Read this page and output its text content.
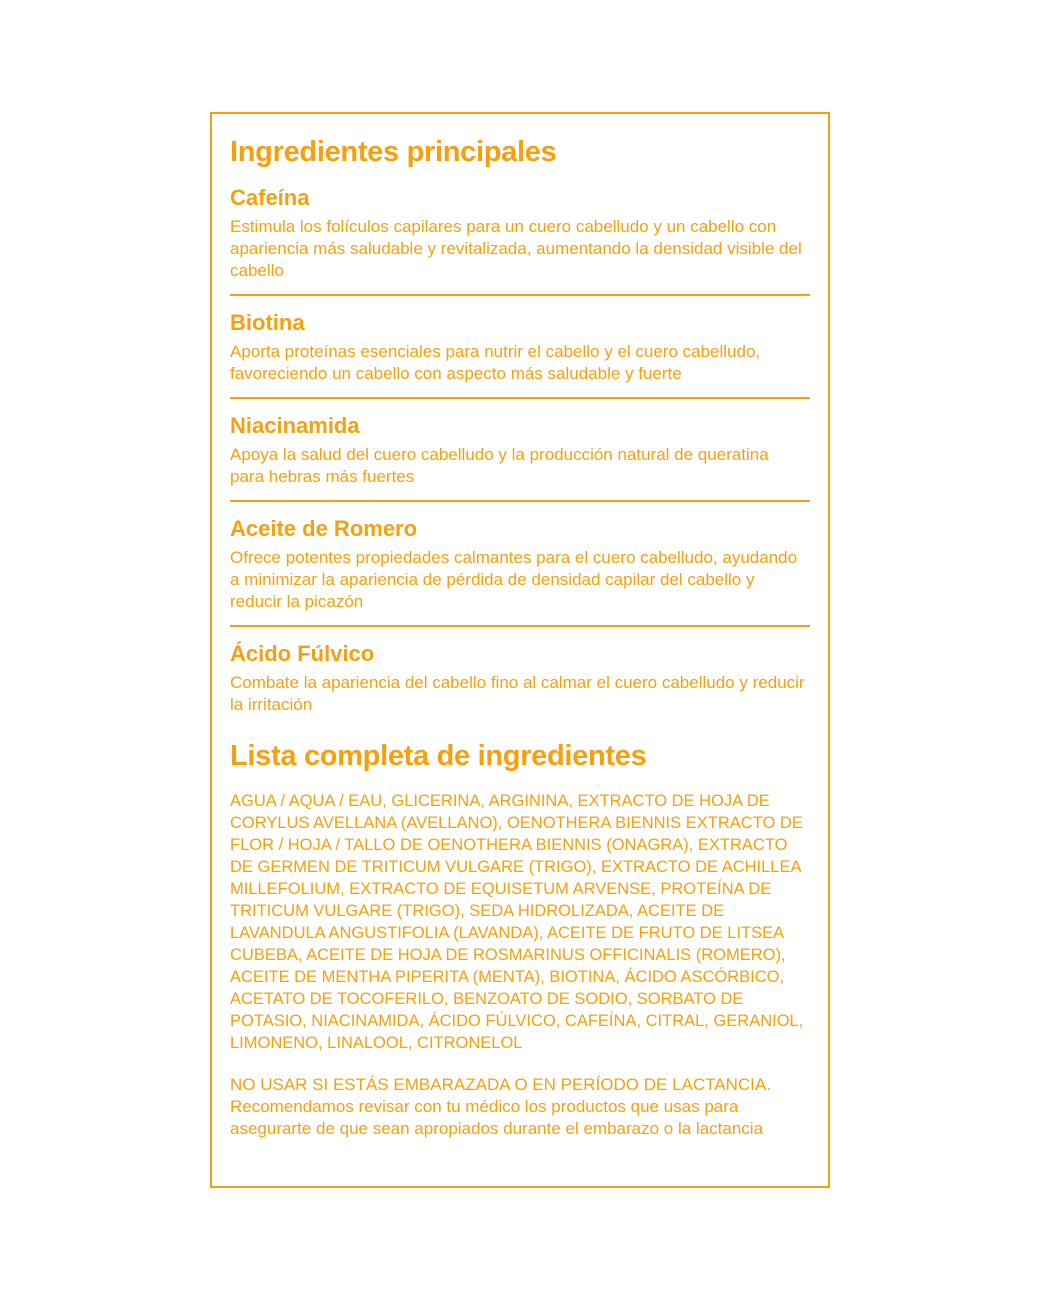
Ingredientes principales
Cafeína

Estimula los folículos capilares para un cuero cabelludo y un cabello con apariencia más saludable y revitalizada, aumentando la densidad visible del cabello

Biotina

Aporta proteínas esenciales para nutrir el cabello y el cuero cabelludo, favoreciendo un cabello con aspecto más saludable y fuerte

Niacinamida

Apoya la salud del cuero cabelludo y la producción natural de queratina para hebras más fuertes

Aceite de Romero

Ofrece potentes propiedades calmantes para el cuero cabelludo, ayudando a minimizar la apariencia de pérdida de densidad capilar del cabello y reducir la picazón

Ácido Fúlvico

Combate la apariencia del cabello fino al calmar el cuero cabelludo y reducir la irritación

Lista completa de ingredientes

AGUA / AQUA / EAU, GLICERINA, ARGININA, EXTRACTO DE HOJA DE CORYLUS AVELLANA (AVELLANO), OENOTHERA BIENNIS EXTRACTO DE FLOR / HOJA / TALLO DE OENOTHERA BIENNIS (ONAGRA), EXTRACTO DE GERMEN DE TRITICUM VULGARE (TRIGO), EXTRACTO DE ACHILLEA MILLEFOLIUM, EXTRACTO DE EQUISETUM ARVENSE, PROTEÍNA DE TRITICUM VULGARE (TRIGO), SEDA HIDROLIZADA, ACEITE DE LAVANDULA ANGUSTIFOLIA (LAVANDA), ACEITE DE FRUTO DE LITSEA CUBEBA, ACEITE DE HOJA DE ROSMARINUS OFFICINALIS (ROMERO), ACEITE DE MENTHA PIPERITA (MENTA), BIOTINA, ÁCIDO ASCÓRBICO, ACETATO DE TOCOFERILO, BENZOATO DE SODIO, SORBATO DE POTASIO, NIACINAMIDA, ÁCIDO FÚLVICO, CAFEÍNA, CITRAL, GERANIOL, LIMONENO, LINALOOL, CITRONELOL

NO USAR SI ESTÁS EMBARAZADA O EN PERÍODO DE LACTANCIA. Recomendamos revisar con tu médico los productos que usas para asegurarte de que sean apropiados durante el embarazo o la lactancia
